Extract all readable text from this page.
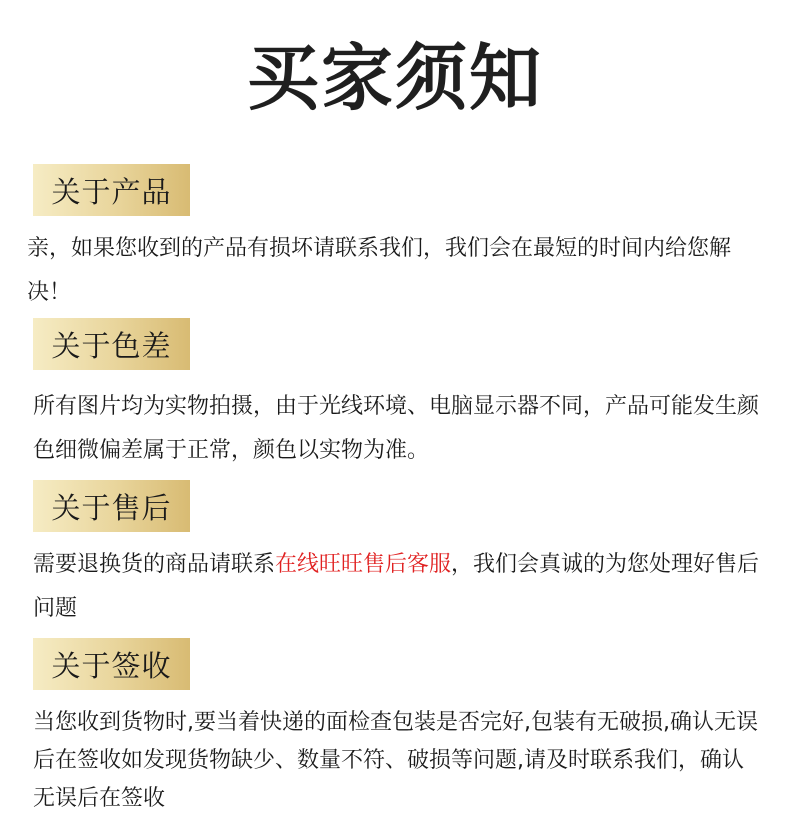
买家须知
关于产品
亲，如果您收到的产品有损坏请联系我们，我们会在最短的时间内给您解决！
关于色差
所有图片均为实物拍摄，由于光线环境、电脑显示器不同，产品可能发生颜色细微偏差属于正常，颜色以实物为准。
关于售后
需要退换货的商品请联系在线旺旺售后客服，我们会真诚的为您处理好售后问题
关于签收
当您收到货物时,要当着快递的面检查包装是否完好,包装有无破损,确认无误后在签收如发现货物缺少、数量不符、破损等问题,请及时联系我们，确认无误后在签收
